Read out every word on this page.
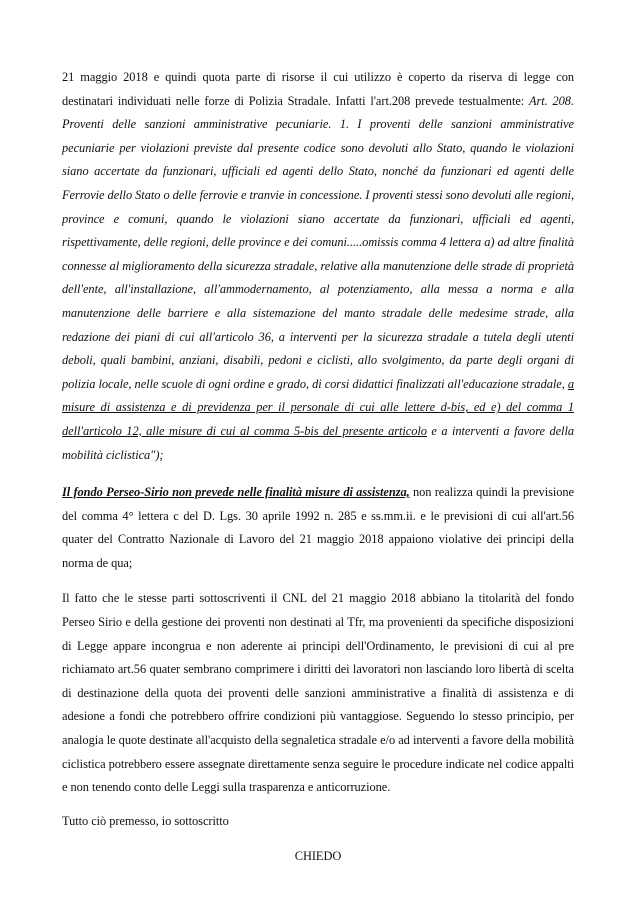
21 maggio 2018 e quindi quota parte di risorse il cui utilizzo è coperto da riserva di legge con destinatari individuati nelle forze di Polizia Stradale. Infatti l'art.208 prevede testualmente: Art. 208. Proventi delle sanzioni amministrative pecuniarie. 1. I proventi delle sanzioni amministrative pecuniarie per violazioni previste dal presente codice sono devoluti allo Stato, quando le violazioni siano accertate da funzionari, ufficiali ed agenti dello Stato, nonché da funzionari ed agenti delle Ferrovie dello Stato o delle ferrovie e tranvie in concessione. I proventi stessi sono devoluti alle regioni, province e comuni, quando le violazioni siano accertate da funzionari, ufficiali ed agenti, rispettivamente, delle regioni, delle province e dei comuni.....omissis comma 4 lettera a) ad altre finalità connesse al miglioramento della sicurezza stradale, relative alla manutenzione delle strade di proprietà dell'ente, all'installazione, all'ammodernamento, al potenziamento, alla messa a norma e alla manutenzione delle barriere e alla sistemazione del manto stradale delle medesime strade, alla redazione dei piani di cui all'articolo 36, a interventi per la sicurezza stradale a tutela degli utenti deboli, quali bambini, anziani, disabili, pedoni e ciclisti, allo svolgimento, da parte degli organi di polizia locale, nelle scuole di ogni ordine e grado, di corsi didattici finalizzati all'educazione stradale, a misure di assistenza e di previdenza per il personale di cui alle lettere d-bis, ed e) del comma 1 dell'articolo 12, alle misure di cui al comma 5-bis del presente articolo e a interventi a favore della mobilità ciclistica");

Il fondo Perseo-Sirio non prevede nelle finalità misure di assistenza, non realizza quindi la previsione del comma 4° lettera c del D. Lgs. 30 aprile 1992 n. 285 e ss.mm.ii. e le previsioni di cui all'art.56 quater del Contratto Nazionale di Lavoro del 21 maggio 2018 appaiono violative dei principi della norma de qua;

Il fatto che le stesse parti sottoscriventi il CNL del 21 maggio 2018 abbiano la titolarità del fondo Perseo Sirio e della gestione dei proventi non destinati al Tfr, ma provenienti da specifiche disposizioni di Legge appare incongrua e non aderente ai principi dell'Ordinamento, le previsioni di cui al pre richiamato art.56 quater sembrano comprimere i diritti dei lavoratori non lasciando loro libertà di scelta di destinazione della quota dei proventi delle sanzioni amministrative a finalità di assistenza e di adesione a fondi che potrebbero offrire condizioni più vantaggiose. Seguendo lo stesso principio, per analogia le quote destinate all'acquisto della segnaletica stradale e/o ad interventi a favore della mobilità ciclistica potrebbero essere assegnate direttamente senza seguire le procedure indicate nel codice appalti e non tenendo conto delle Leggi sulla trasparenza e anticorruzione.

Tutto ciò premesso, io sottoscritto

CHIEDO
